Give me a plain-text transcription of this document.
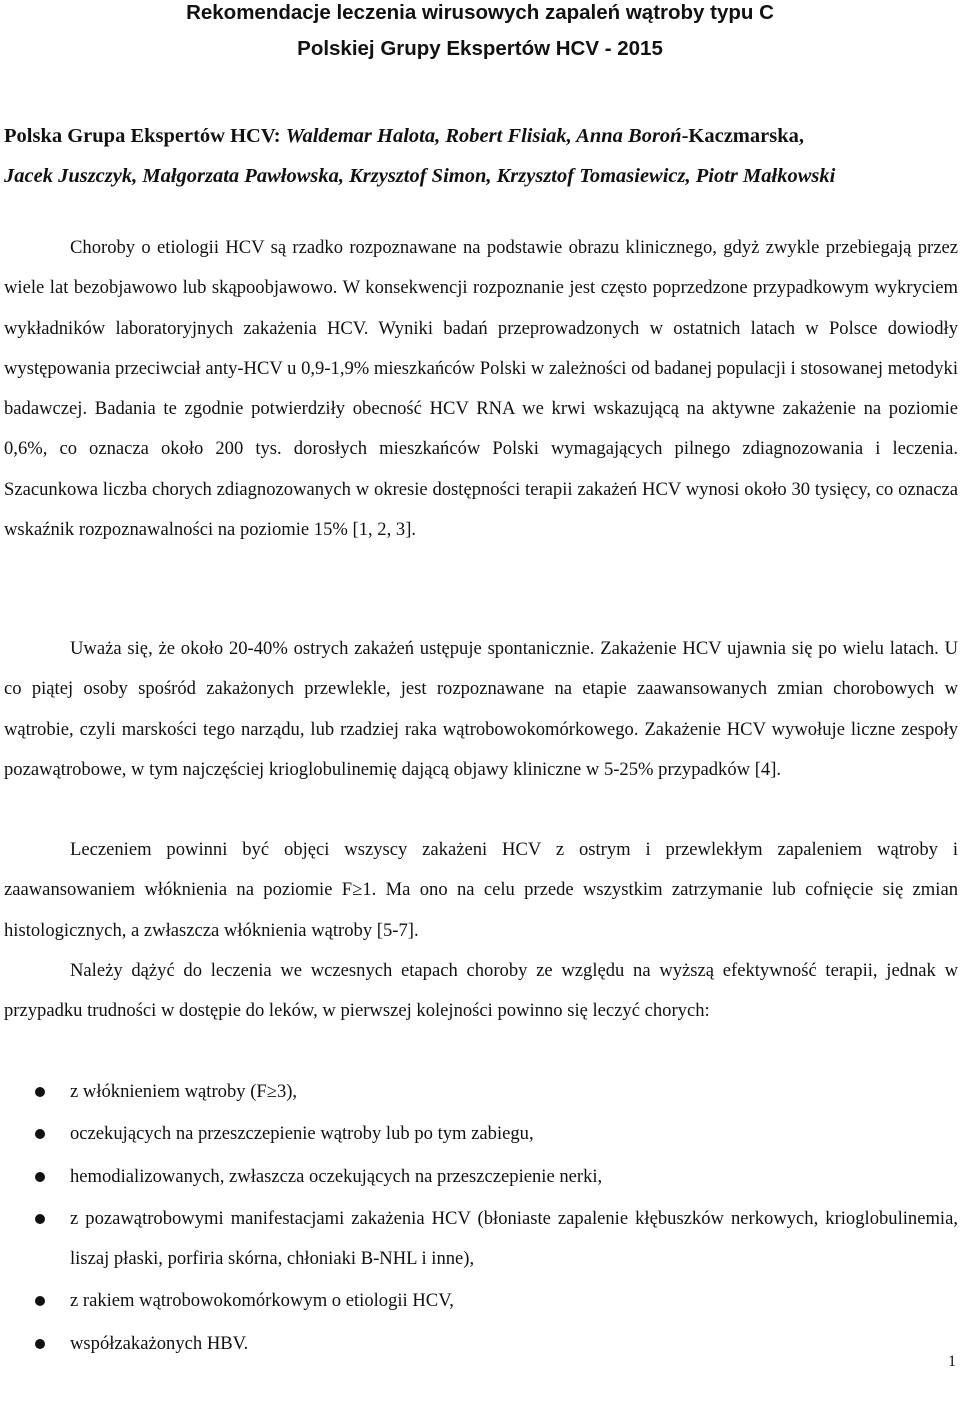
Rekomendacje leczenia wirusowych zapaleń wątroby typu C
Polskiej Grupy Ekspertów HCV - 2015
Polska Grupa Ekspertów HCV: Waldemar Halota, Robert Flisiak, Anna Boroń-Kaczmarska,
Jacek Juszczyk, Małgorzata Pawłowska, Krzysztof Simon, Krzysztof Tomasiewicz, Piotr Małkowski

Choroby o etiologii HCV są rzadko rozpoznawane na podstawie obrazu klinicznego, gdyż zwykle przebiegają przez wiele lat bezobjawowo lub skąpoobjawowo. W konsekwencji rozpoznanie jest często poprzedzone przypadkowym wykryciem wykładników laboratoryjnych zakażenia HCV. Wyniki badań przeprowadzonych w ostatnich latach w Polsce dowiodły występowania przeciwciał anty-HCV u 0,9-1,9% mieszkańców Polski w zależności od badanej populacji i stosowanej metodyki badawczej. Badania te zgodnie potwierdziły obecność HCV RNA we krwi wskazującą na aktywne zakażenie na poziomie 0,6%, co oznacza około 200 tys. dorosłych mieszkańców Polski wymagających pilnego zdiagnozowania i leczenia. Szacunkowa liczba chorych zdiagnozowanych w okresie dostępności terapii zakażeń HCV wynosi około 30 tysięcy, co oznacza wskaźnik rozpoznawalności na poziomie 15% [1, 2, 3].

Uważa się, że około 20-40% ostrych zakażeń ustępuje spontanicznie. Zakażenie HCV ujawnia się po wielu latach. U co piątej osoby spośród zakażonych przewlekle, jest rozpoznawane na etapie zaawansowanych zmian chorobowych w wątrobie, czyli marskości tego narządu, lub rzadziej raka wątrobowokomórkowego. Zakażenie HCV wywołuje liczne zespoły pozawątrobowe, w tym najczęściej krioglobulinemię dającą objawy kliniczne w 5-25% przypadków [4].

Leczeniem powinni być objęci wszyscy zakażeni HCV z ostrym i przewlekłym zapaleniem wątroby i zaawansowaniem włóknienia na poziomie F≥1. Ma ono na celu przede wszystkim zatrzymanie lub cofnięcie się zmian histologicznych, a zwłaszcza włóknienia wątroby [5-7].

Należy dążyć do leczenia we wczesnych etapach choroby ze względu na wyższą efektywność terapii, jednak w przypadku trudności w dostępie do leków, w pierwszej kolejności powinno się leczyć chorych:

z włóknieniem wątroby (F≥3),
oczekujących na przeszczepienie wątroby lub po tym zabiegu,
hemodializowanych, zwłaszcza oczekujących na przeszczepienie nerki,
z pozawątrobowymi manifestacjami zakażenia HCV (błoniaste zapalenie kłębuszków nerkowych, krioglobulinemia, liszaj płaski, porfiria skórna, chłoniaki B-NHL i inne),
z rakiem wątrobowokomórkowym o etiologii HCV,
współzakażonych HBV.
1
